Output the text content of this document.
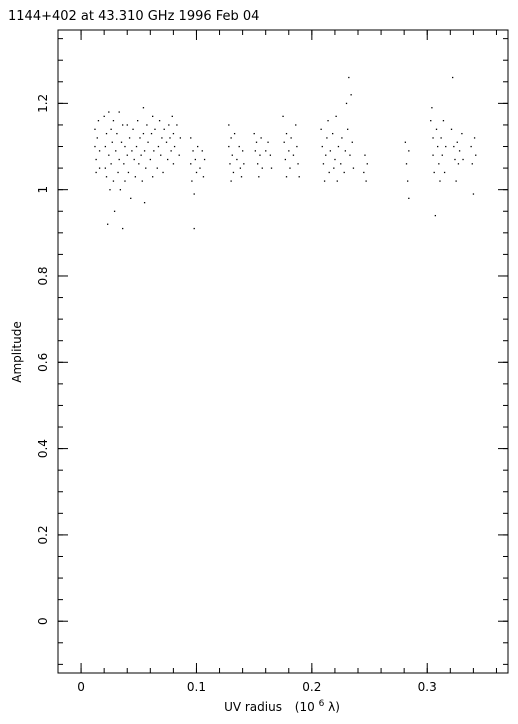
1144+402 at 43.310 GHz 1996 Feb 04
0	0.1	0.2	0.3
0
0.2
0.4
0.6
0.8
1
1.2
Amplitude
UV radius (10 $^6$ λ)
